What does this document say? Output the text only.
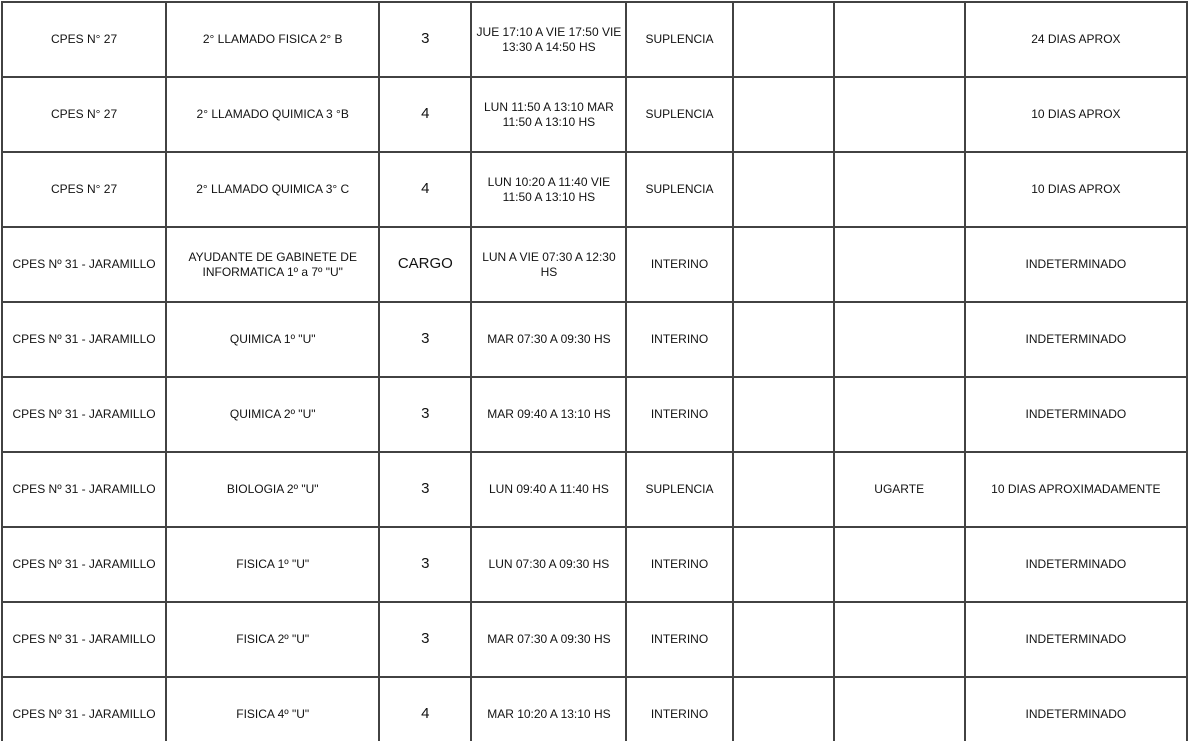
CPES N° 27	2° LLAMADO FISICA 2° B	3	JUE 17:10 A VIE 17:50 VIE 13:30 A 14:50 HS	SUPLENCIA			24 DIAS APROX
CPES N° 27	2° LLAMADO QUIMICA 3 °B	4	LUN 11:50 A 13:10 MAR 11:50 A 13:10 HS	SUPLENCIA			10 DIAS APROX
CPES N° 27	2° LLAMADO QUIMICA 3° C	4	LUN 10:20 A 11:40 VIE 11:50 A 13:10 HS	SUPLENCIA			10 DIAS APROX
CPES Nº 31 - JARAMILLO	AYUDANTE DE GABINETE DE INFORMATICA 1º a 7º "U"	CARGO	LUN A VIE 07:30 A 12:30 HS	INTERINO			INDETERMINADO
CPES Nº 31 - JARAMILLO	QUIMICA 1º "U"	3	MAR 07:30 A 09:30 HS	INTERINO			INDETERMINADO
CPES Nº 31 - JARAMILLO	QUIMICA 2º "U"	3	MAR 09:40 A 13:10 HS	INTERINO			INDETERMINADO
CPES Nº 31 - JARAMILLO	BIOLOGIA 2º "U"	3	LUN 09:40 A 11:40 HS	SUPLENCIA		UGARTE	10 DIAS APROXIMADAMENTE
CPES Nº 31 - JARAMILLO	FISICA 1º "U"	3	LUN 07:30 A 09:30 HS	INTERINO			INDETERMINADO
CPES Nº 31 - JARAMILLO	FISICA 2º "U"	3	MAR 07:30 A 09:30 HS	INTERINO			INDETERMINADO
CPES Nº 31 - JARAMILLO	FISICA 4º "U"	4	MAR 10:20 A 13:10 HS	INTERINO			INDETERMINADO
